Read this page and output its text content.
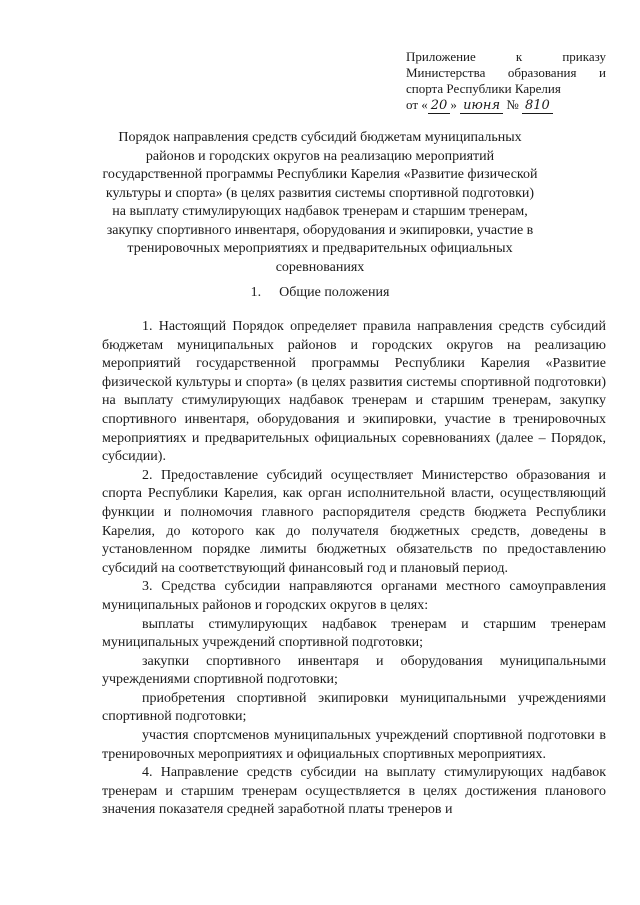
Приложение	к	приказу
Министерства образования и
спорта Республики Карелия
от « 20 » июня № 810
Порядок направления средств субсидий бюджетам муниципальных районов и городских округов на реализацию мероприятий государственной программы Республики Карелия «Развитие физической культуры и спорта» (в целях развития системы спортивной подготовки) на выплату стимулирующих надбавок тренерам и старшим тренерам, закупку спортивного инвентаря, оборудования и экипировки, участие в тренировочных мероприятиях и предварительных официальных соревнованиях
1. Общие положения

1. Настоящий Порядок определяет правила направления средств субсидий бюджетам муниципальных районов и городских округов на реализацию мероприятий государственной программы Республики Карелия «Развитие физической культуры и спорта» (в целях развития системы спортивной подготовки) на выплату стимулирующих надбавок тренерам и старшим тренерам, закупку спортивного инвентаря, оборудования и экипировки, участие в тренировочных мероприятиях и предварительных официальных соревнованиях (далее – Порядок, субсидии).

2. Предоставление субсидий осуществляет Министерство образования и спорта Республики Карелия, как орган исполнительной власти, осуществляющий функции и полномочия главного распорядителя средств бюджета Республики Карелия, до которого как до получателя бюджетных средств, доведены в установленном порядке лимиты бюджетных обязательств по предоставлению субсидий на соответствующий финансовый год и плановый период.

3. Средства субсидии направляются органами местного самоуправления муниципальных районов и городских округов в целях:

выплаты стимулирующих надбавок тренерам и старшим тренерам муниципальных учреждений спортивной подготовки;

закупки спортивного инвентаря и оборудования муниципальными учреждениями спортивной подготовки;

приобретения спортивной экипировки муниципальными учреждениями спортивной подготовки;

участия спортсменов муниципальных учреждений спортивной подготовки в тренировочных мероприятиях и официальных спортивных мероприятиях.

4. Направление средств субсидии на выплату стимулирующих надбавок тренерам и старшим тренерам осуществляется в целях достижения планового значения показателя средней заработной платы тренеров и
